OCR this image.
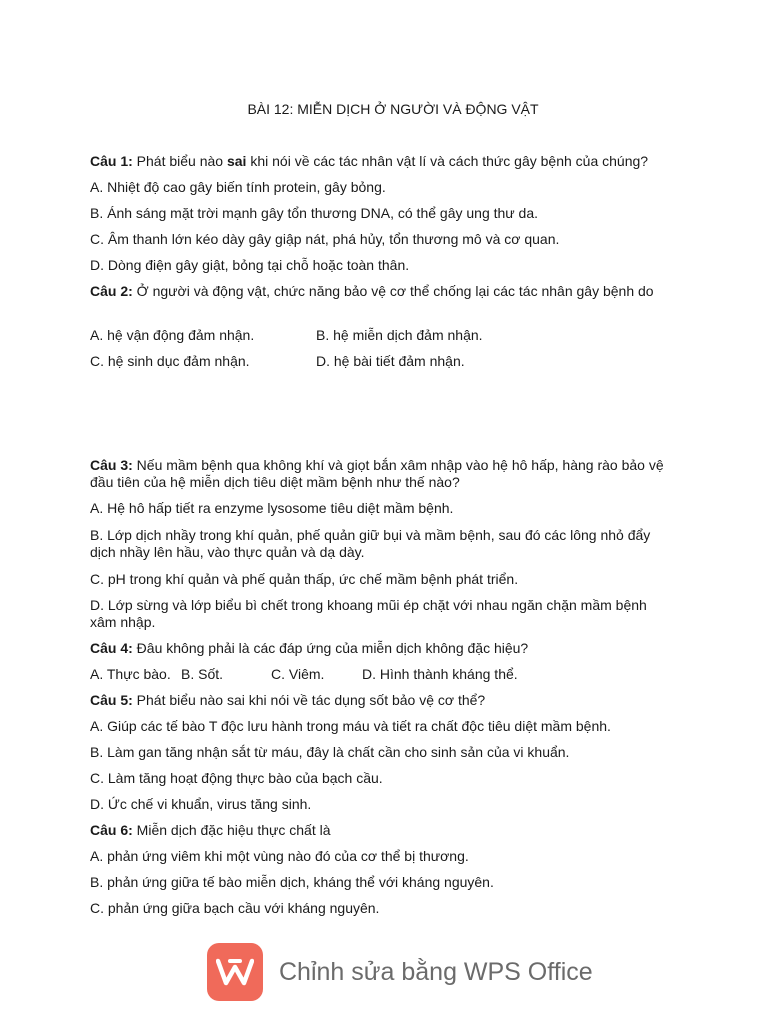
BÀI 12: MIỄN DỊCH Ở NGƯỜI VÀ ĐỘNG VẬT
Câu 1: Phát biểu nào sai khi nói về các tác nhân vật lí và cách thức gây bệnh của chúng?
A. Nhiệt độ cao gây biến tính protein, gây bỏng.
B. Ánh sáng mặt trời mạnh gây tổn thương DNA, có thể gây ung thư da.
C. Âm thanh lớn kéo dày gây giập nát, phá hủy, tổn thương mô và cơ quan.
D. Dòng điện gây giật, bỏng tại chỗ hoặc toàn thân.
Câu 2: Ở người và động vật, chức năng bảo vệ cơ thể chống lại các tác nhân gây bệnh do
A. hệ vận động đảm nhận.	B. hệ miễn dịch đảm nhận.
C. hệ sinh dục đảm nhận.	D. hệ bài tiết đảm nhận.
Câu 3: Nếu mầm bệnh qua không khí và giọt bắn xâm nhập vào hệ hô hấp, hàng rào bảo vệ đầu tiên của hệ miễn dịch tiêu diệt mầm bệnh như thế nào?
A. Hệ hô hấp tiết ra enzyme lysosome tiêu diệt mầm bệnh.
B. Lớp dịch nhầy trong khí quản, phế quản giữ bụi và mầm bệnh, sau đó các lông nhỏ đẩy dịch nhầy lên hầu, vào thực quản và dạ dày.
C. pH trong khí quản và phế quản thấp, ức chế mầm bệnh phát triển.
D. Lớp sừng và lớp biểu bì chết trong khoang mũi ép chặt với nhau ngăn chặn mầm bệnh xâm nhập.
Câu 4: Đâu không phải là các đáp ứng của miễn dịch không đặc hiệu?
A. Thực bào. B. Sốt.	C. Viêm.	D. Hình thành kháng thể.
Câu 5: Phát biểu nào sai khi nói về tác dụng sốt bảo vệ cơ thể?
A. Giúp các tế bào T độc lưu hành trong máu và tiết ra chất độc tiêu diệt mầm bệnh.
B. Làm gan tăng nhận sắt từ máu, đây là chất cần cho sinh sản của vi khuẩn.
C. Làm tăng hoạt động thực bào của bạch cầu.
D. Ức chế vi khuẩn, virus tăng sinh.
Câu 6: Miễn dịch đặc hiệu thực chất là
A. phản ứng viêm khi một vùng nào đó của cơ thể bị thương.
B. phản ứng giữa tế bào miễn dịch, kháng thể với kháng nguyên.
C. phản ứng giữa bạch cầu với kháng nguyên.
Chỉnh sửa bằng WPS Office
